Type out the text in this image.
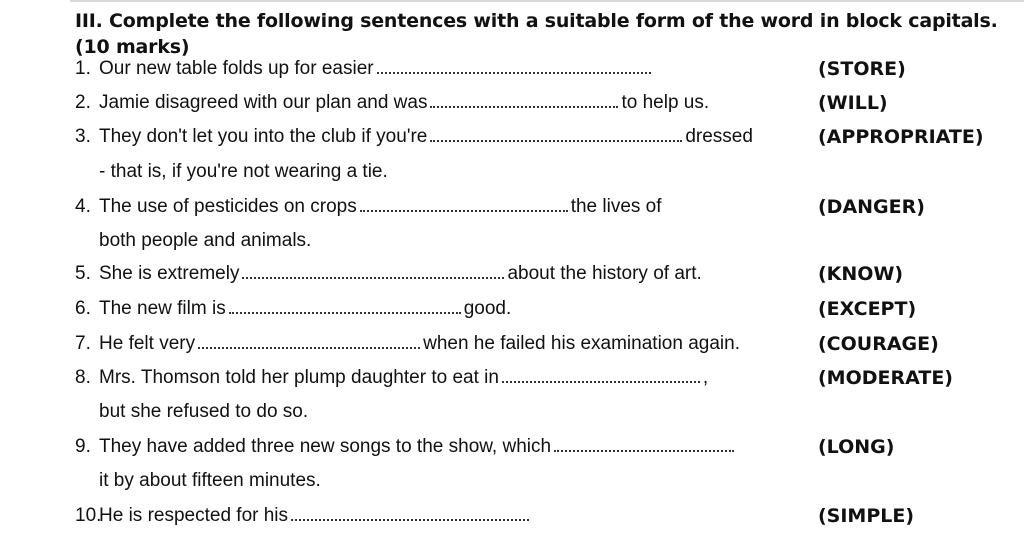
III. Complete the following sentences with a suitable form of the word in block capitals.
(10 marks)
1. Our new table folds up for easier	(STORE)
2. Jamie disagreed with our plan and was	to help us.	(WILL)
3. They don't let you into the club if you're	dressed	(APPROPRIATE)
- that is, if you're not wearing a tie.
4. The use of pesticides on crops	the lives of	(DANGER)
both people and animals.
5. She is extremely	about the history of art.	(KNOW)
6. The new film is	good.	(EXCEPT)
7. He felt very	when he failed his examination again.	(COURAGE)
8. Mrs. Thomson told her plump daughter to eat in	,	(MODERATE)
but she refused to do so.
9. They have added three new songs to the show, which	(LONG)
it by about fifteen minutes.
10.He is respected for his	(SIMPLE)
